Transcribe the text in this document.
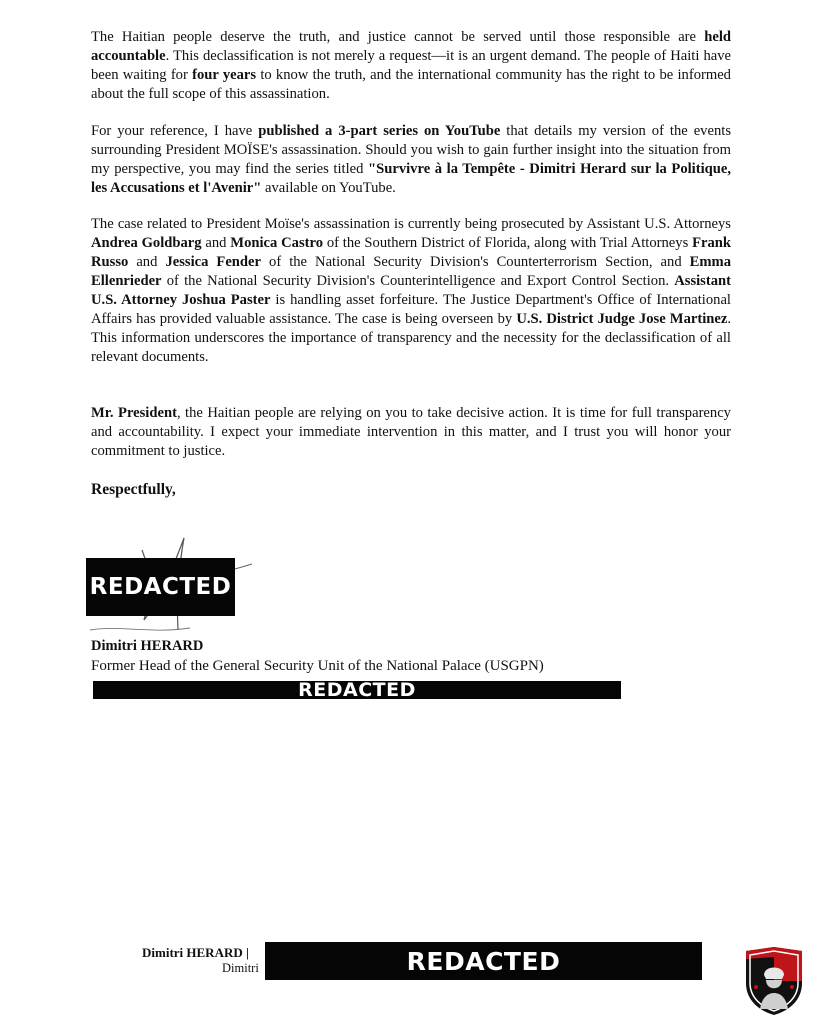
The Haitian people deserve the truth, and justice cannot be served until those responsible are held accountable. This declassification is not merely a request—it is an urgent demand. The people of Haiti have been waiting for four years to know the truth, and the international community has the right to be informed about the full scope of this assassination.

For your reference, I have published a 3-part series on YouTube that details my version of the events surrounding President MOÏSE's assassination. Should you wish to gain further insight into the situation from my perspective, you may find the series titled "Survivre à la Tempête - Dimitri Herard sur la Politique, les Accusations et l'Avenir" available on YouTube.

The case related to President Moïse's assassination is currently being prosecuted by Assistant U.S. Attorneys Andrea Goldbarg and Monica Castro of the Southern District of Florida, along with Trial Attorneys Frank Russo and Jessica Fender of the National Security Division's Counterterrorism Section, and Emma Ellenrieder of the National Security Division's Counterintelligence and Export Control Section. Assistant U.S. Attorney Joshua Paster is handling asset forfeiture. The Justice Department's Office of International Affairs has provided valuable assistance. The case is being overseen by U.S. District Judge Jose Martinez. This information underscores the importance of transparency and the necessity for the declassification of all relevant documents.

Mr. President, the Haitian people are relying on you to take decisive action. It is time for full transparency and accountability. I expect your immediate intervention in this matter, and I trust you will honor your commitment to justice.

Respectfully,
REDACTED
Dimitri HERARD
Former Head of the General Security Unit of the National Palace (USGPN)
REDACTED
Dimitri HERARD |
Dimitri	REDACTED
